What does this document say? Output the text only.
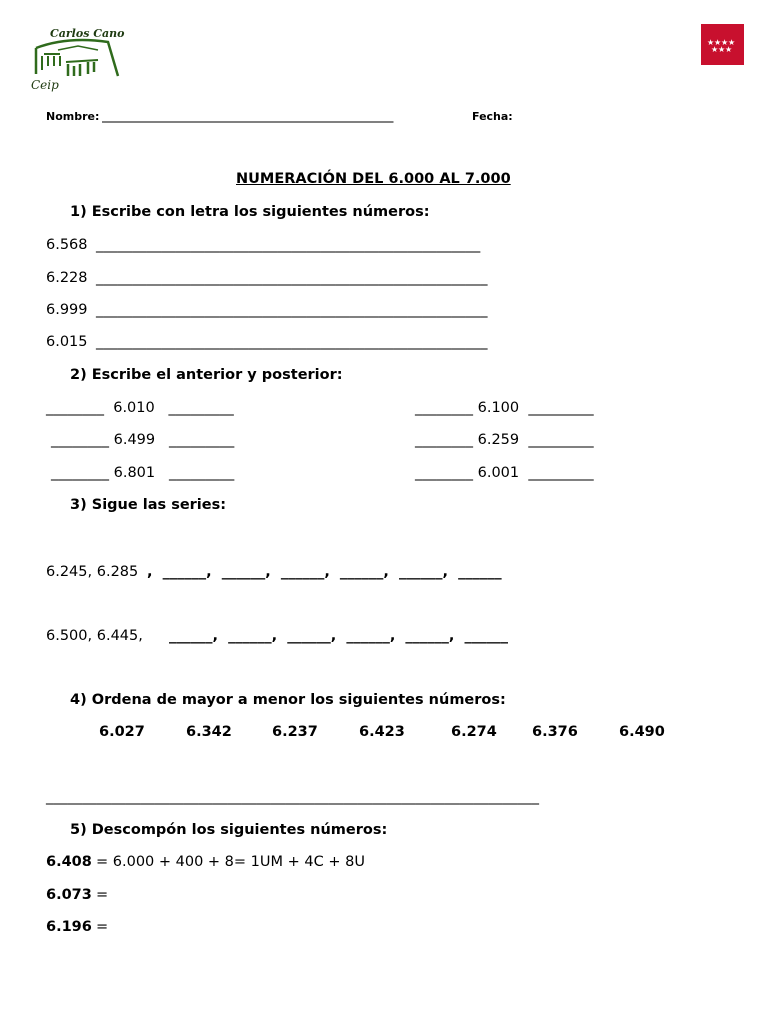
Carlos Cano
Ceip
★ ★ ★ ★
★ ★ ★
Nombre: _____________________________________________________	Fecha:
NUMERACIÓN DEL 6.000 AL 7.000
1) Escribe con letra los siguientes números:
6.568 _____________________________________________________
6.228 ______________________________________________________
6.999 ______________________________________________________
6.015 ______________________________________________________
2) Escribe el anterior y posterior:
________  6.010   _________	________ 6.100  _________
________ 6.499   _________	________ 6.259  _________
________ 6.801   _________	________ 6.001  _________
3) Sigue las series:
6.245, 6.285 ,  ______,  ______,  ______,  ______,  ______,  ______
6.500, 6.445, ______,  ______,  ______,  ______,  ______,  ______
4) Ordena de mayor a menor los siguientes números:
6.027	6.342	6.237	6.423	6.274 6.376	6.490
____________________________________________________________________
5) Descompón los siguientes números:
6.408 = 6.000 + 400 + 8= 1UM + 4C + 8U
6.073 =
6.196 =
